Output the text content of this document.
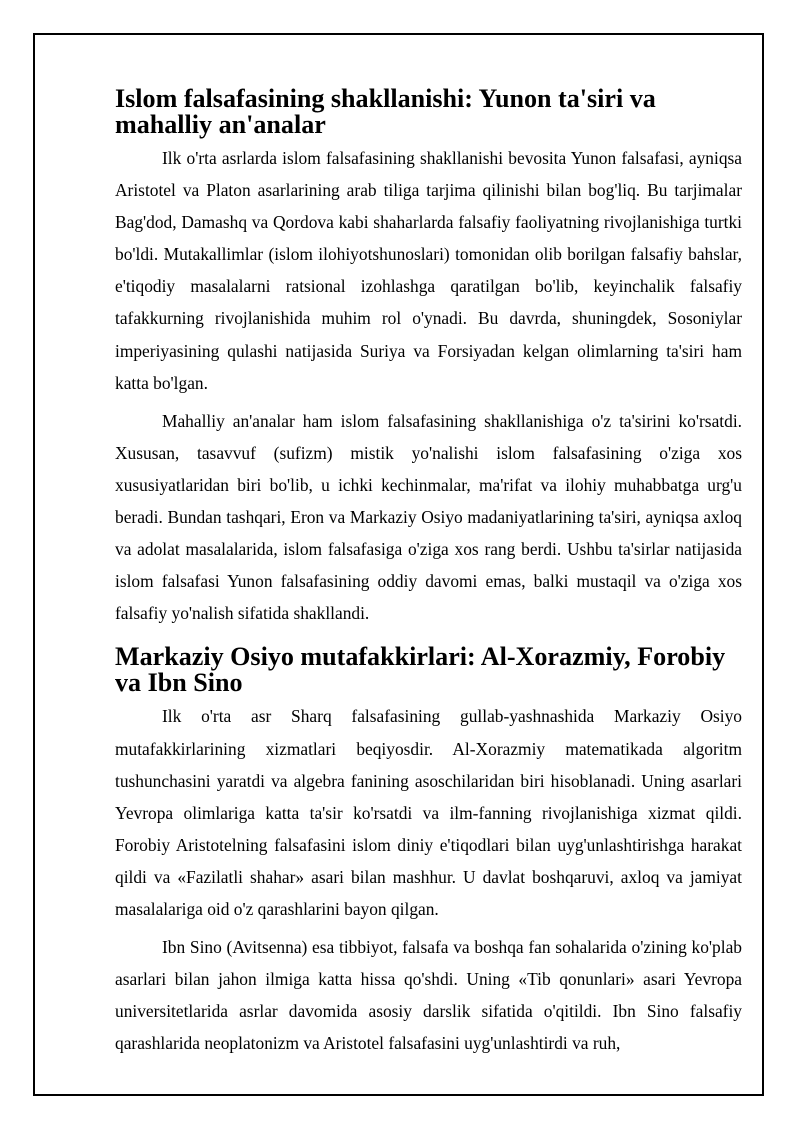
Islom falsafasining shakllanishi: Yunon ta'siri va mahalliy an'analar

Ilk o'rta asrlarda islom falsafasining shakllanishi bevosita Yunon falsafasi, ayniqsa Aristotel va Platon asarlarining arab tiliga tarjima qilinishi bilan bog'liq. Bu tarjimalar Bag'dod, Damashq va Qordova kabi shaharlarda falsafiy faoliyatning rivojlanishiga turtki bo'ldi. Mutakallimlar (islom ilohiyotshunoslari) tomonidan olib borilgan falsafiy bahslar, e'tiqodiy masalalarni ratsional izohlashga qaratilgan bo'lib, keyinchalik falsafiy tafakkurning rivojlanishida muhim rol o'ynadi. Bu davrda, shuningdek, Sosoniylar imperiyasining qulashi natijasida Suriya va Forsiyadan kelgan olimlarning ta'siri ham katta bo'lgan.

Mahalliy an'analar ham islom falsafasining shakllanishiga o'z ta'sirini ko'rsatdi. Xususan, tasavvuf (sufizm) mistik yo'nalishi islom falsafasining o'ziga xos xususiyatlaridan biri bo'lib, u ichki kechinmalar, ma'rifat va ilohiy muhabbatga urg'u beradi. Bundan tashqari, Eron va Markaziy Osiyo madaniyatlarining ta'siri, ayniqsa axloq va adolat masalalarida, islom falsafasiga o'ziga xos rang berdi. Ushbu ta'sirlar natijasida islom falsafasi Yunon falsafasining oddiy davomi emas, balki mustaqil va o'ziga xos falsafiy yo'nalish sifatida shakllandi.

Markaziy Osiyo mutafakkirlari: Al-Xorazmiy, Forobiy va Ibn Sino

Ilk o'rta asr Sharq falsafasining gullab-yashnashida Markaziy Osiyo mutafakkirlarining xizmatlari beqiyosdir. Al-Xorazmiy matematikada algoritm tushunchasini yaratdi va algebra fanining asoschilaridan biri hisoblanadi. Uning asarlari Yevropa olimlariga katta ta'sir ko'rsatdi va ilm-fanning rivojlanishiga xizmat qildi. Forobiy Aristotelning falsafasini islom diniy e'tiqodlari bilan uyg'unlashtirishga harakat qildi va «Fazilatli shahar» asari bilan mashhur. U davlat boshqaruvi, axloq va jamiyat masalalariga oid o'z qarashlarini bayon qilgan.

Ibn Sino (Avitsenna) esa tibbiyot, falsafa va boshqa fan sohalarida o'zining ko'plab asarlari bilan jahon ilmiga katta hissa qo'shdi. Uning «Tib qonunlari» asari Yevropa universitetlarida asrlar davomida asosiy darslik sifatida o'qitildi. Ibn Sino falsafiy qarashlarida neoplatonizm va Aristotel falsafasini uyg'unlashtirdi va ruh,
